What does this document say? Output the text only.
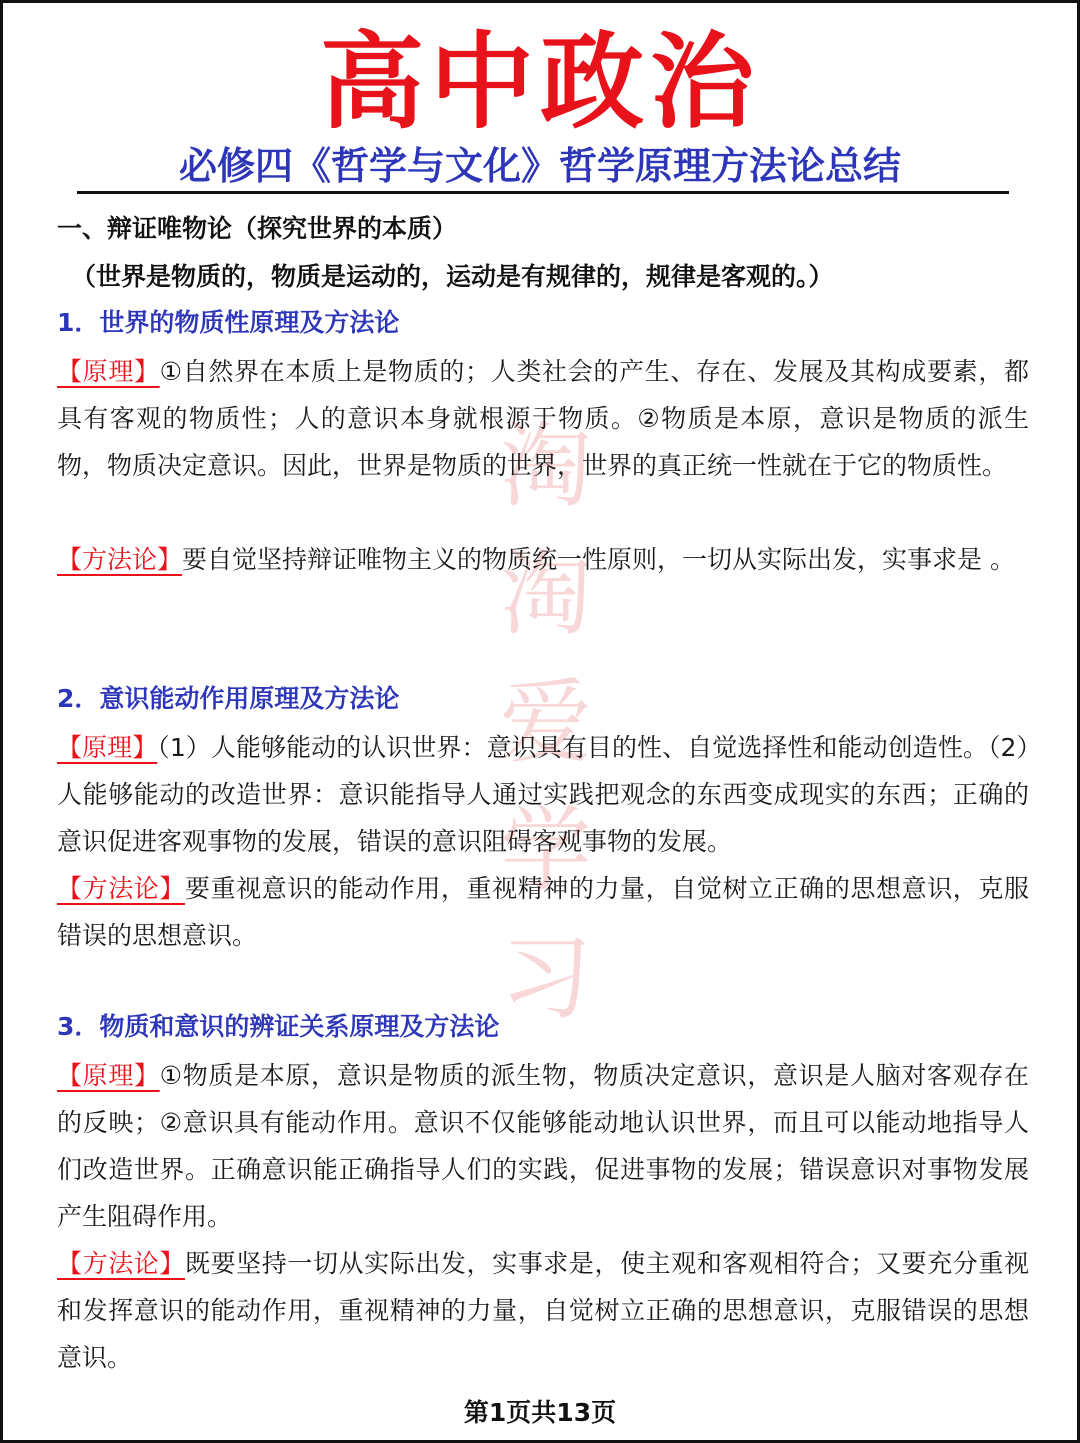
淘
淘
爱
学
习
高中政治
必修四《哲学与文化》哲学原理方法论总结
一、辩证唯物论（探究世界的本质）
（世界是物质的，物质是运动的，运动是有规律的，规律是客观的。）
1．世界的物质性原理及方法论
【原理】①自然界在本质上是物质的；人类社会的产生、存在、发展及其构成要素，都具有客观的物质性；人的意识本身就根源于物质。②物质是本原，意识是物质的派生物，物质决定意识。因此，世界是物质的世界，世界的真正统一性就在于它的物质性。
【方法论】要自觉坚持辩证唯物主义的物质统一性原则，一切从实际出发，实事求是 。
2．意识能动作用原理及方法论
【原理】（1）人能够能动的认识世界：意识具有目的性、自觉选择性和能动创造性。（2）人能够能动的改造世界：意识能指导人通过实践把观念的东西变成现实的东西；正确的意识促进客观事物的发展，错误的意识阻碍客观事物的发展。
【方法论】要重视意识的能动作用，重视精神的力量，自觉树立正确的思想意识，克服错误的思想意识。
3．物质和意识的辨证关系原理及方法论
【原理】①物质是本原，意识是物质的派生物，物质决定意识，意识是人脑对客观存在的反映；②意识具有能动作用。意识不仅能够能动地认识世界，而且可以能动地指导人们改造世界。正确意识能正确指导人们的实践，促进事物的发展；错误意识对事物发展产生阻碍作用。
【方法论】既要坚持一切从实际出发，实事求是，使主观和客观相符合；又要充分重视和发挥意识的能动作用，重视精神的力量，自觉树立正确的思想意识，克服错误的思想意识。
第1页共13页
